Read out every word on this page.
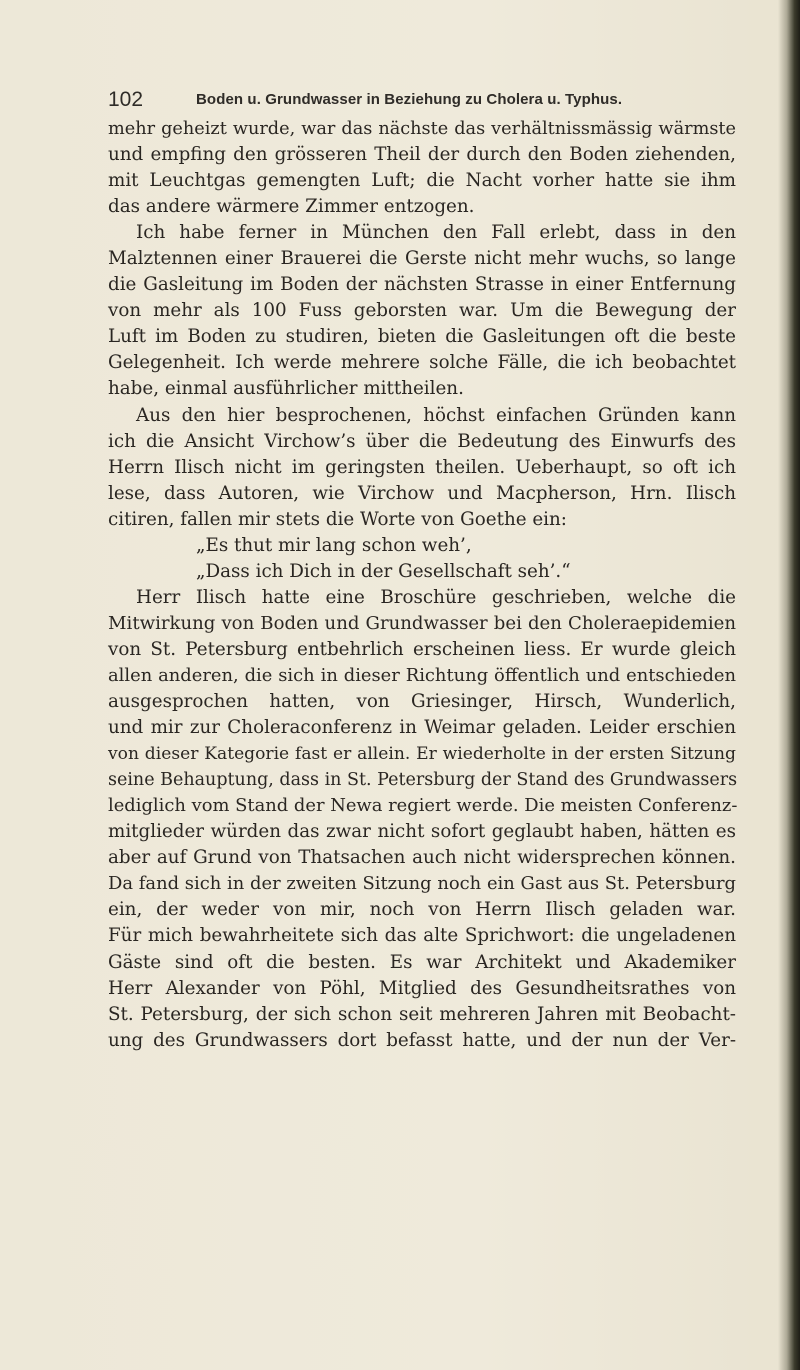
102	Boden u. Grundwasser in Beziehung zu Cholera u. Typhus.
mehr geheizt wurde, war das nächste das verhältnissmässig wärmste
und empfing den grösseren Theil der durch den Boden ziehenden,
mit Leuchtgas gemengten Luft; die Nacht vorher hatte sie ihm
das andere wärmere Zimmer entzogen.
Ich habe ferner in München den Fall erlebt, dass in den
Malztennen einer Brauerei die Gerste nicht mehr wuchs, so lange
die Gasleitung im Boden der nächsten Strasse in einer Entfernung
von mehr als 100 Fuss geborsten war. Um die Bewegung der
Luft im Boden zu studiren, bieten die Gasleitungen oft die beste
Gelegenheit. Ich werde mehrere solche Fälle, die ich beobachtet
habe, einmal ausführlicher mittheilen.
Aus den hier besprochenen, höchst einfachen Gründen kann
ich die Ansicht Virchow’s über die Bedeutung des Einwurfs des
Herrn Ilisch nicht im geringsten theilen. Ueberhaupt, so oft ich
lese, dass Autoren, wie Virchow und Macpherson, Hrn. Ilisch
citiren, fallen mir stets die Worte von Goethe ein:
„Es thut mir lang schon weh’,
„Dass ich Dich in der Gesellschaft seh’.“
Herr Ilisch hatte eine Broschüre geschrieben, welche die
Mitwirkung von Boden und Grundwasser bei den Choleraepidemien
von St. Petersburg entbehrlich erscheinen liess. Er wurde gleich
allen anderen, die sich in dieser Richtung öffentlich und entschieden
ausgesprochen hatten, von Griesinger, Hirsch, Wunderlich,
und mir zur Choleraconferenz in Weimar geladen. Leider erschien
von dieser Kategorie fast er allein. Er wiederholte in der ersten Sitzung
seine Behauptung, dass in St. Petersburg der Stand des Grundwassers
lediglich vom Stand der Newa regiert werde. Die meisten Conferenz-
mitglieder würden das zwar nicht sofort geglaubt haben, hätten es
aber auf Grund von Thatsachen auch nicht widersprechen können.
Da fand sich in der zweiten Sitzung noch ein Gast aus St. Petersburg
ein, der weder von mir, noch von Herrn Ilisch geladen war.
Für mich bewahrheitete sich das alte Sprichwort: die ungeladenen
Gäste sind oft die besten. Es war Architekt und Akademiker
Herr Alexander von Pöhl, Mitglied des Gesundheitsrathes von
St. Petersburg, der sich schon seit mehreren Jahren mit Beobacht-
ung des Grundwassers dort befasst hatte, und der nun der Ver-
